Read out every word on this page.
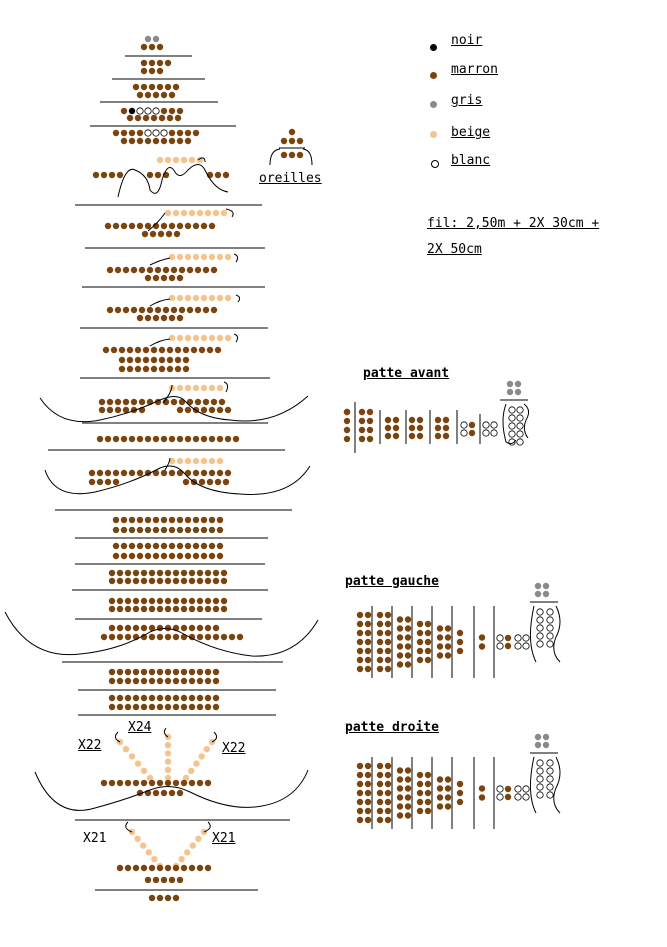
noir
marron
gris
beige
blanc
fil: 2,50m + 2X 30cm +
2X 50cm
oreilles
patte avant
patte gauche
patte droite
X24
X22	X22
X21	X21
